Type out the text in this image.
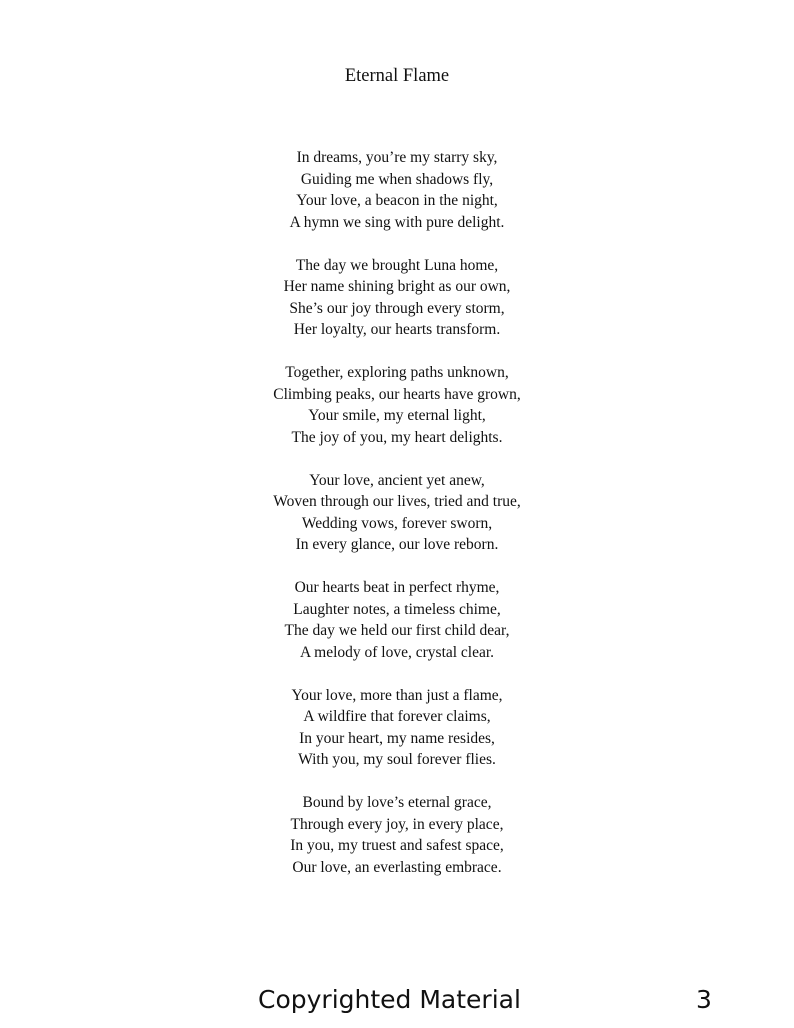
Eternal Flame
In dreams, you’re my starry sky,
Guiding me when shadows fly,
Your love, a beacon in the night,
A hymn we sing with pure delight.
The day we brought Luna home,
Her name shining bright as our own,
She’s our joy through every storm,
Her loyalty, our hearts transform.
Together, exploring paths unknown,
Climbing peaks, our hearts have grown,
Your smile, my eternal light,
The joy of you, my heart delights.
Your love, ancient yet anew,
Woven through our lives, tried and true,
Wedding vows, forever sworn,
In every glance, our love reborn.
Our hearts beat in perfect rhyme,
Laughter notes, a timeless chime,
The day we held our first child dear,
A melody of love, crystal clear.
Your love, more than just a flame,
A wildfire that forever claims,
In your heart, my name resides,
With you, my soul forever flies.
Bound by love’s eternal grace,
Through every joy, in every place,
In you, my truest and safest space,
Our love, an everlasting embrace.
Copyrighted Material	3
